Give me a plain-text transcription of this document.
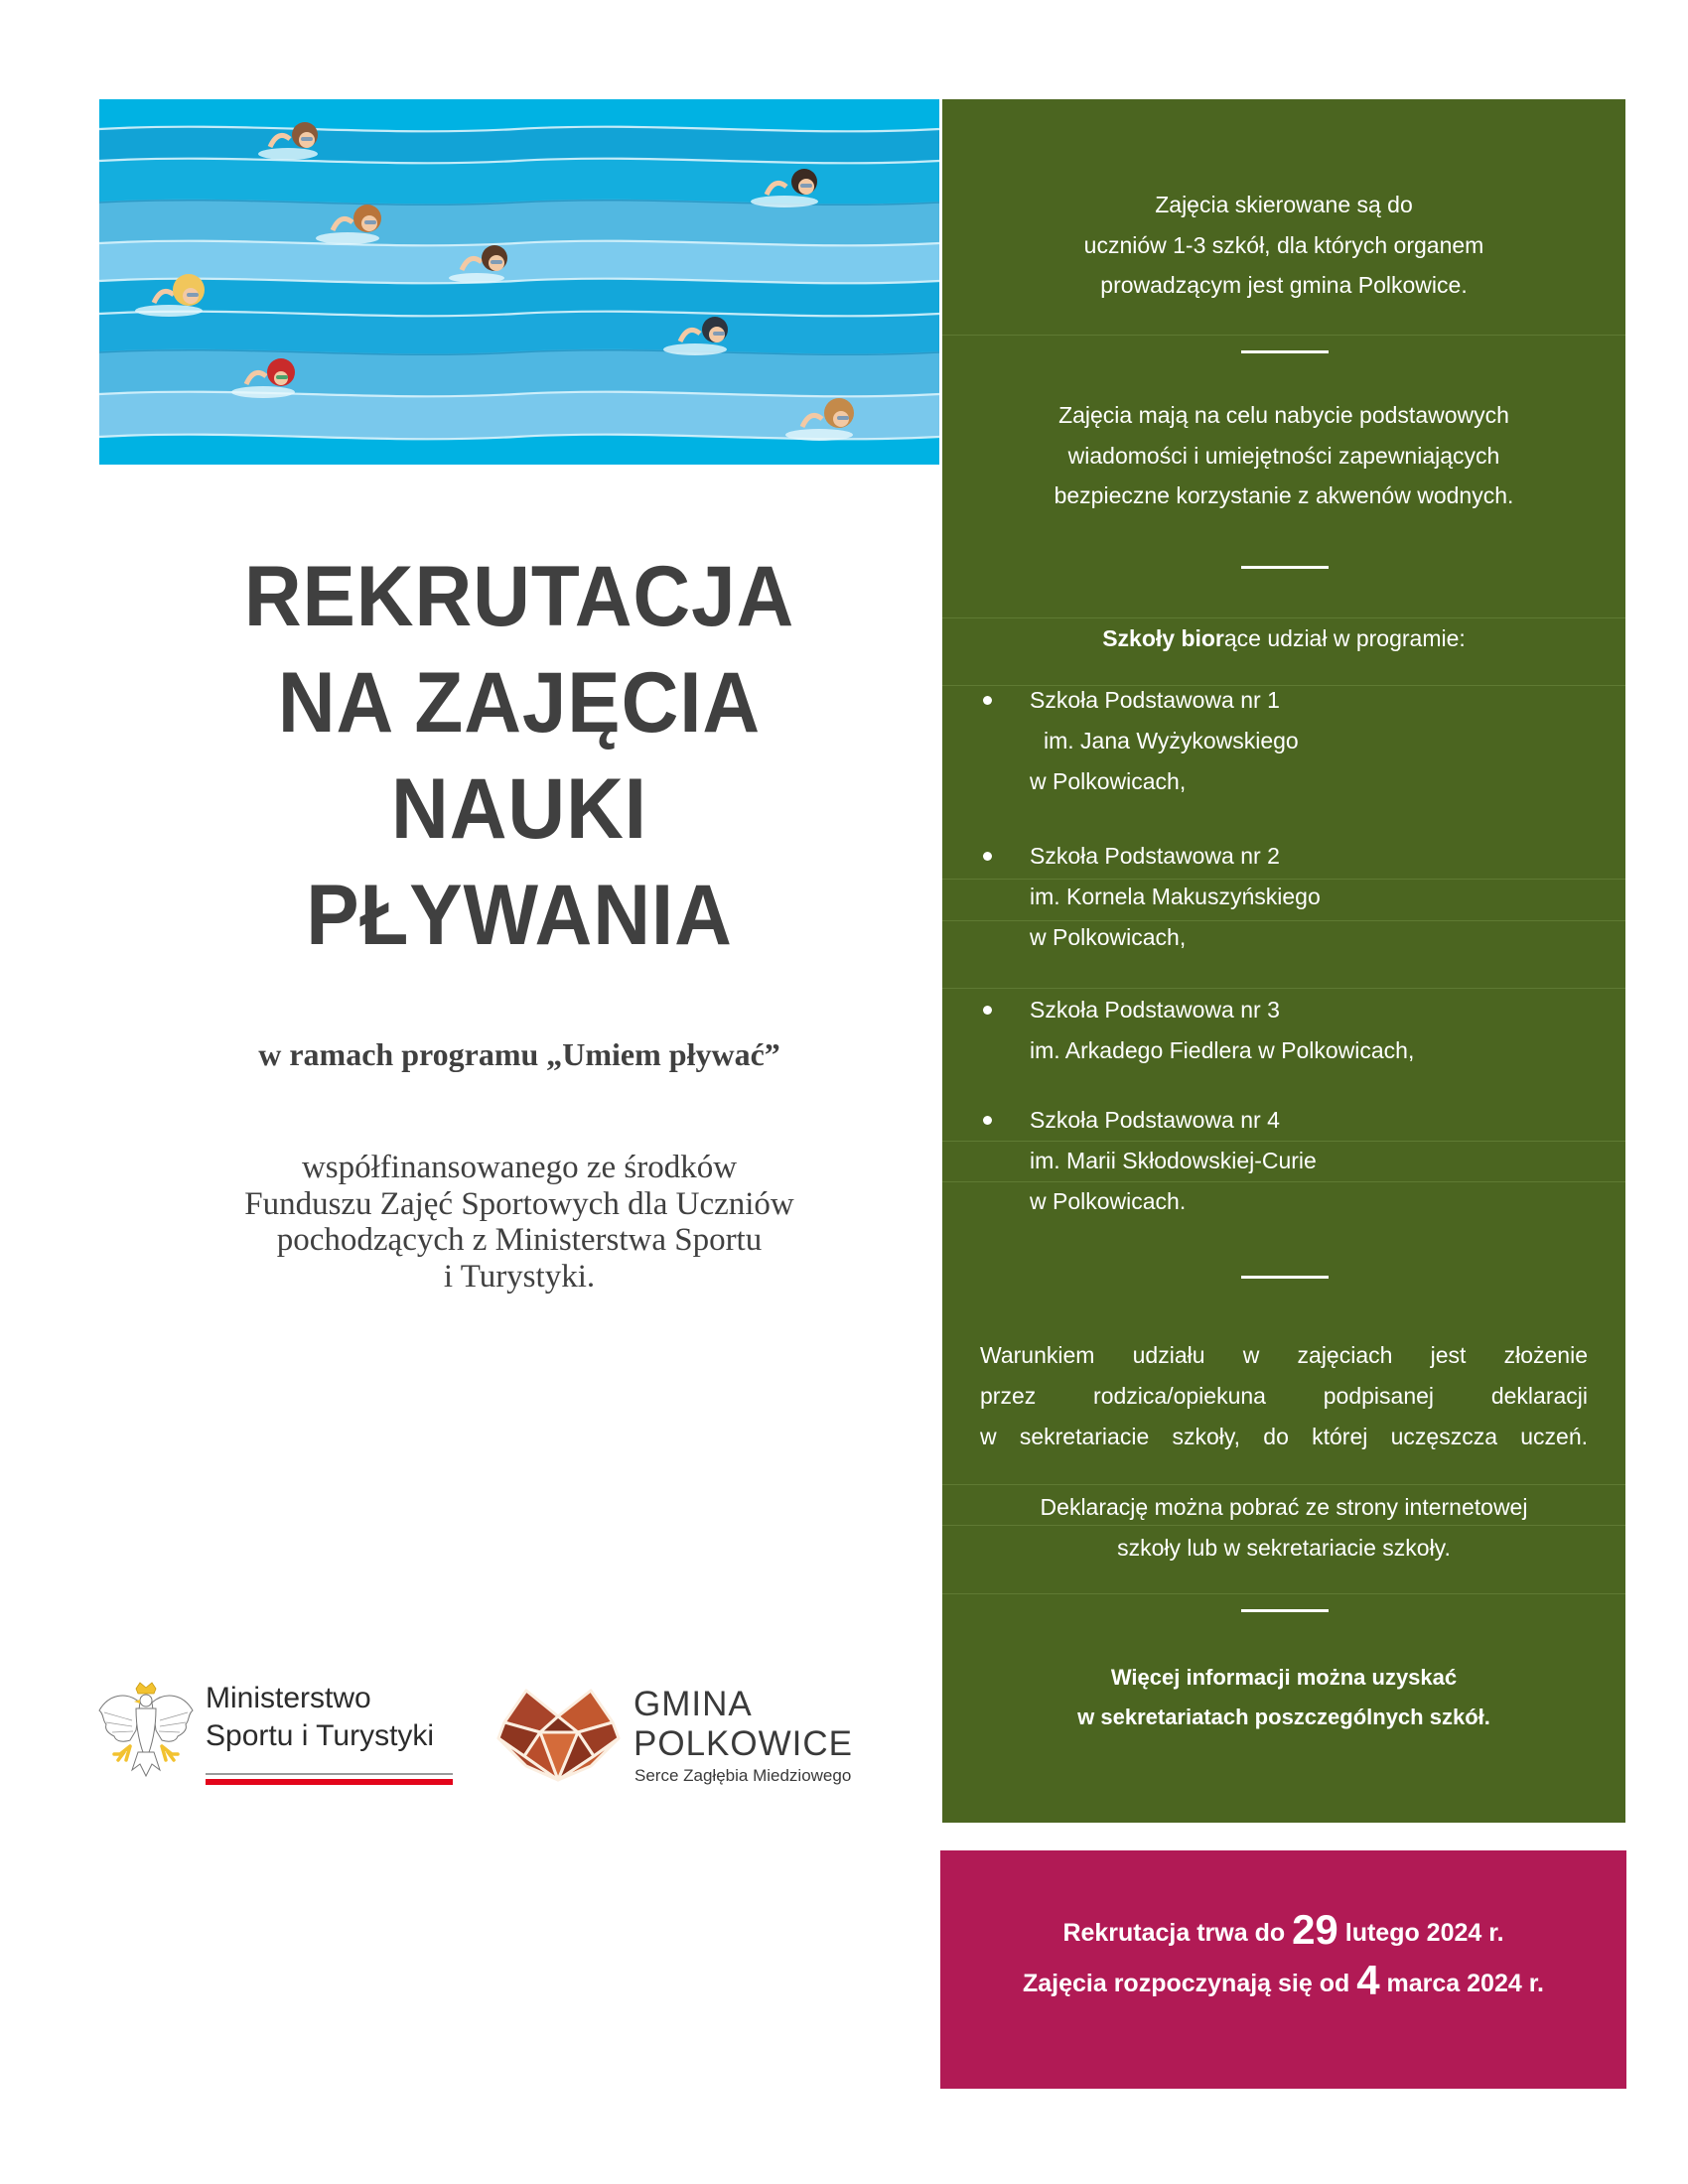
REKRUTACJA
NA ZAJĘCIA
NAUKI
PŁYWANIA
w ramach programu „Umiem pływać”
współfinansowanego ze środków
Funduszu Zajęć Sportowych dla Uczniów
pochodzących z Ministerstwa Sportu
i Turystyki.
Ministerstwo
Sportu i Turystyki
GMINA
POLKOWICE
Serce Zagłębia Miedziowego
Zajęcia skierowane są do
uczniów 1-3 szkół, dla których organem
prowadzącym jest gmina Polkowice.
Zajęcia mają na celu nabycie podstawowych
wiadomości i umiejętności zapewniających
bezpieczne korzystanie z akwenów wodnych.
Szkoły biorące udział w programie:
Szkoła Podstawowa nr 1
im. Jana Wyżykowskiego
w Polkowicach,
Szkoła Podstawowa nr 2
im. Kornela Makuszyńskiego
w Polkowicach,
Szkoła Podstawowa nr 3
im. Arkadego Fiedlera w Polkowicach,
Szkoła Podstawowa nr 4
im. Marii Skłodowskiej-Curie
w Polkowicach.
Warunkiem udziału w zajęciach jest złożenie
przez rodzica/opiekuna podpisanej deklaracji
w sekretariacie szkoły, do której uczęszcza uczeń.
Deklarację można pobrać ze strony internetowej
szkoły lub w sekretariacie szkoły.
Więcej informacji można uzyskać
w sekretariatach poszczególnych szkół.
Rekrutacja trwa do 29 lutego 2024 r.
Zajęcia rozpoczynają się od 4 marca 2024 r.
